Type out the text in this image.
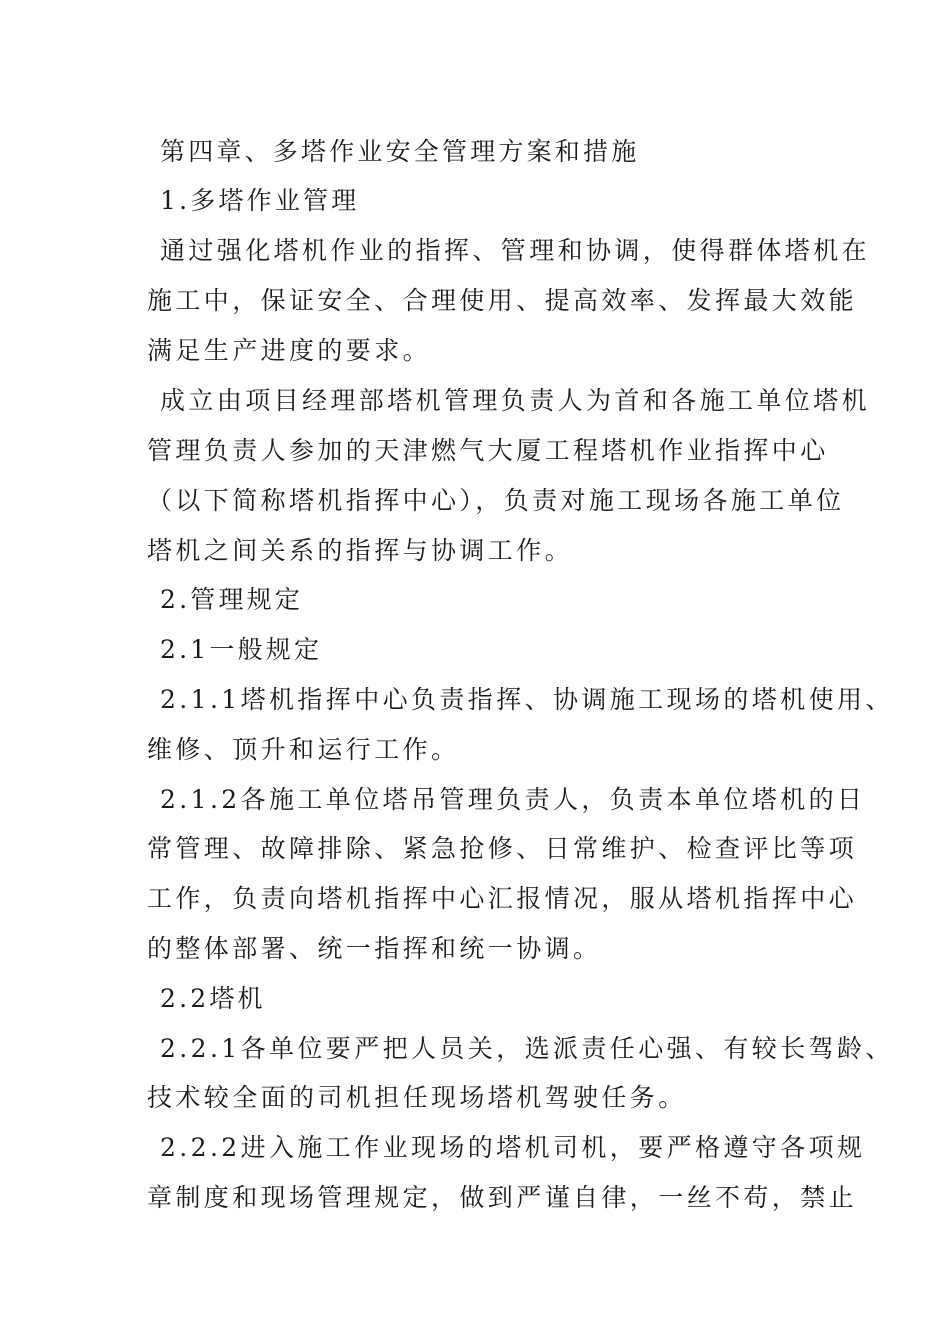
第四章、多塔作业安全管理方案和措施
1.多塔作业管理
通过强化塔机作业的指挥、管理和协调，使得群体塔机在
施工中，保证安全、合理使用、提高效率、发挥最大效能
满足生产进度的要求。
成立由项目经理部塔机管理负责人为首和各施工单位塔机
管理负责人参加的天津燃气大厦工程塔机作业指挥中心
（以下简称塔机指挥中心），负责对施工现场各施工单位
塔机之间关系的指挥与协调工作。
2.管理规定
2.1一般规定
2.1.1塔机指挥中心负责指挥、协调施工现场的塔机使用、
维修、顶升和运行工作。
2.1.2各施工单位塔吊管理负责人，负责本单位塔机的日
常管理、故障排除、紧急抢修、日常维护、检查评比等项
工作，负责向塔机指挥中心汇报情况，服从塔机指挥中心
的整体部署、统一指挥和统一协调。
2.2塔机
2.2.1各单位要严把人员关，选派责任心强、有较长驾龄、
技术较全面的司机担任现场塔机驾驶任务。
2.2.2进入施工作业现场的塔机司机，要严格遵守各项规
章制度和现场管理规定，做到严谨自律，一丝不苟，禁止
